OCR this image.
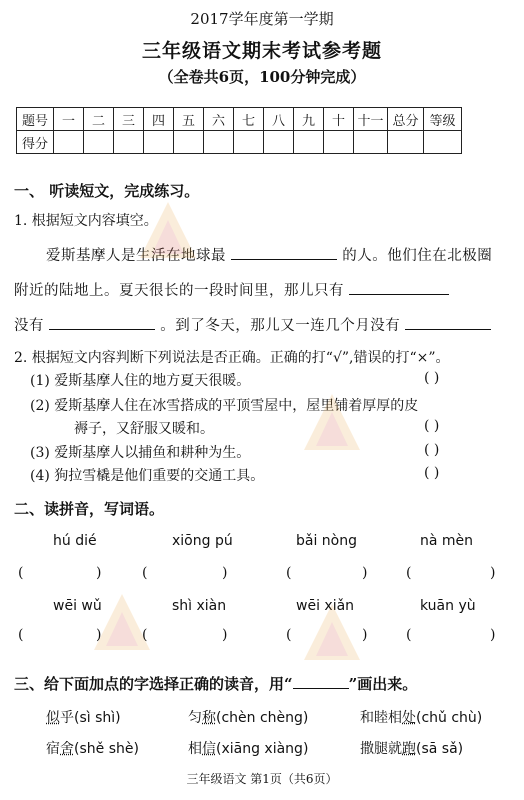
2017学年度第一学期
三年级语文期末考试参考题
（全卷共6页，100分钟完成）
题号	一	二	三	四	五	六	七	八	九	十	十一	总分	等级
得分													
一、 听读短文，完成练习。
1. 根据短文内容填空。
爱斯基摩人是生活在地球最	的人。他们住在北极圈
附近的陆地上。夏天很长的一段时间里，那儿只有
没有	。到了冬天，那儿又一连几个月没有
2. 根据短文内容判断下列说法是否正确。正确的打“√”,错误的打“×”。
(1) 爱斯基摩人住的地方夏天很暖。	( )
(2) 爱斯基摩人住在冰雪搭成的平顶雪屋中，屋里铺着厚厚的皮
褥子，又舒服又暖和。	( )
(3) 爱斯基摩人以捕鱼和耕种为生。	( )
(4) 狗拉雪橇是他们重要的交通工具。	( )
二、读拼音，写词语。
hú dié	xiōng pú	bǎi nòng	nà mèn
(	)	(	)	(	)	(	)
wēi wǔ	shì xiàn	wēi xiǎn	kuān yù
(	)	(	)	(	)	(	)
三、给下面加点的字选择正确的读音，用“	”画出来。
似乎(sì shì)	匀称(chèn chèng)	和睦相处(chǔ chù)
宿舍(shě shè)	相信(xiāng xiàng)	撒腿就跑(sā sǎ)
三年级语文 第1页（共6页）
